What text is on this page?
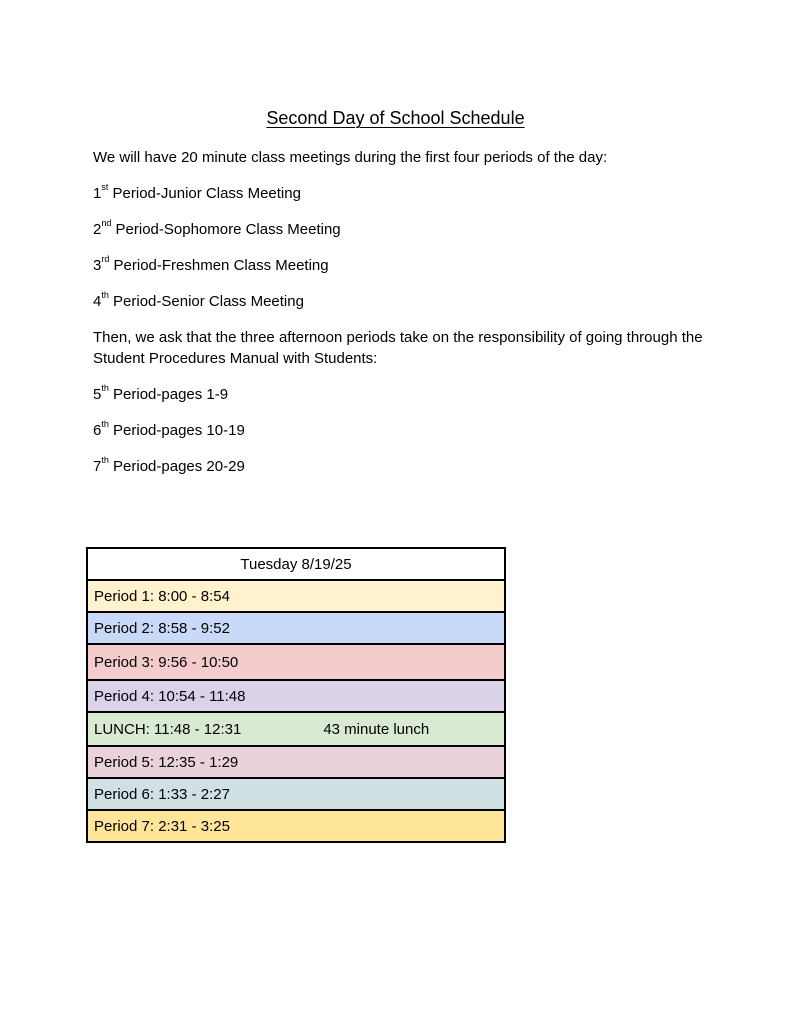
Second Day of School Schedule

We will have 20 minute class meetings during the first four periods of the day:

1st Period-Junior Class Meeting

2nd Period-Sophomore Class Meeting

3rd Period-Freshmen Class Meeting

4th Period-Senior Class Meeting

Then, we ask that the three afternoon periods take on the responsibility of going through the Student Procedures Manual with Students:

5th Period-pages 1-9

6th Period-pages 10-19

7th Period-pages 20-29

Tuesday 8/19/25
Period 1: 8:00 - 8:54
Period 2: 8:58 - 9:52
Period 3: 9:56 - 10:50
Period 4: 10:54 - 11:48
LUNCH: 11:48 - 12:31	43 minute lunch
Period 5: 12:35 - 1:29
Period 6: 1:33 - 2:27
Period 7: 2:31 - 3:25
